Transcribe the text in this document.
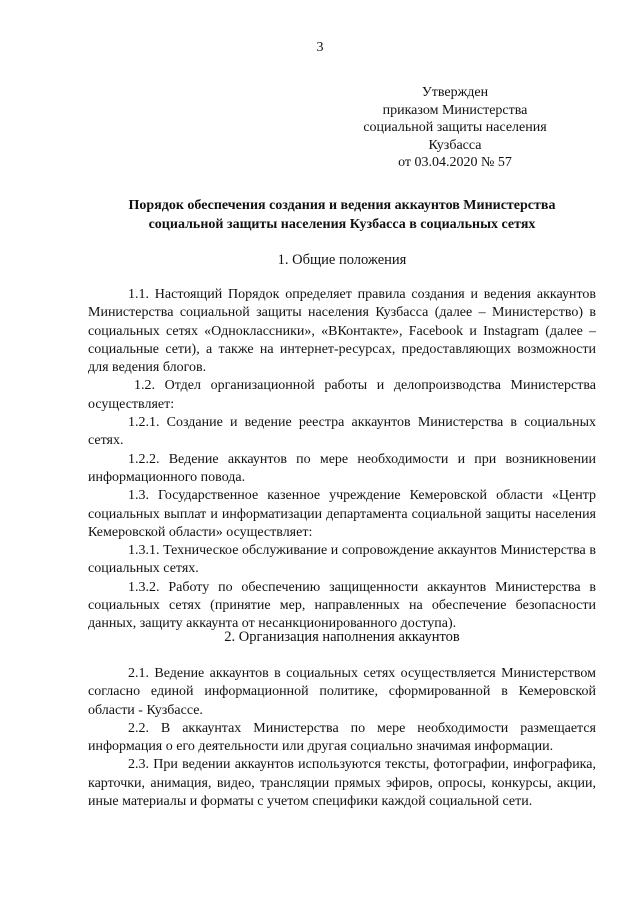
3
Утвержден
приказом Министерства
социальной защиты населения
Кузбасса
от 03.04.2020 № 57
Порядок обеспечения создания и ведения аккаунтов Министерства
социальной защиты населения Кузбасса в социальных сетях
1. Общие положения

1.1. Настоящий Порядок определяет правила создания и ведения аккаунтов Министерства социальной защиты населения Кузбасса (далее – Министерство) в социальных сетях «Одноклассники», «ВКонтакте», Facebook и Instagram (далее – социальные сети), а также на интернет-ресурсах, предоставляющих возможности для ведения блогов.

1.2. Отдел организационной работы и делопроизводства Министерства осуществляет:

1.2.1. Создание и ведение реестра аккаунтов Министерства в социальных сетях.

1.2.2. Ведение аккаунтов по мере необходимости и при возникновении информационного повода.

1.3. Государственное казенное учреждение Кемеровской области «Центр социальных выплат и информатизации департамента социальной защиты населения Кемеровской области» осуществляет:

1.3.1. Техническое обслуживание и сопровождение аккаунтов Министерства в социальных сетях.

1.3.2. Работу по обеспечению защищенности аккаунтов Министерства в социальных сетях (принятие мер, направленных на обеспечение безопасности данных, защиту аккаунта от несанкционированного доступа).

2. Организация наполнения аккаунтов

2.1. Ведение аккаунтов в социальных сетях осуществляется Министерством согласно единой информационной политике, сформированной в Кемеровской области - Кузбассе.

2.2. В аккаунтах Министерства по мере необходимости размещается информация о его деятельности или другая социально значимая информации.

2.3. При ведении аккаунтов используются тексты, фотографии, инфографика, карточки, анимация, видео, трансляции прямых эфиров, опросы, конкурсы, акции, иные материалы и форматы с учетом специфики каждой социальной сети.
